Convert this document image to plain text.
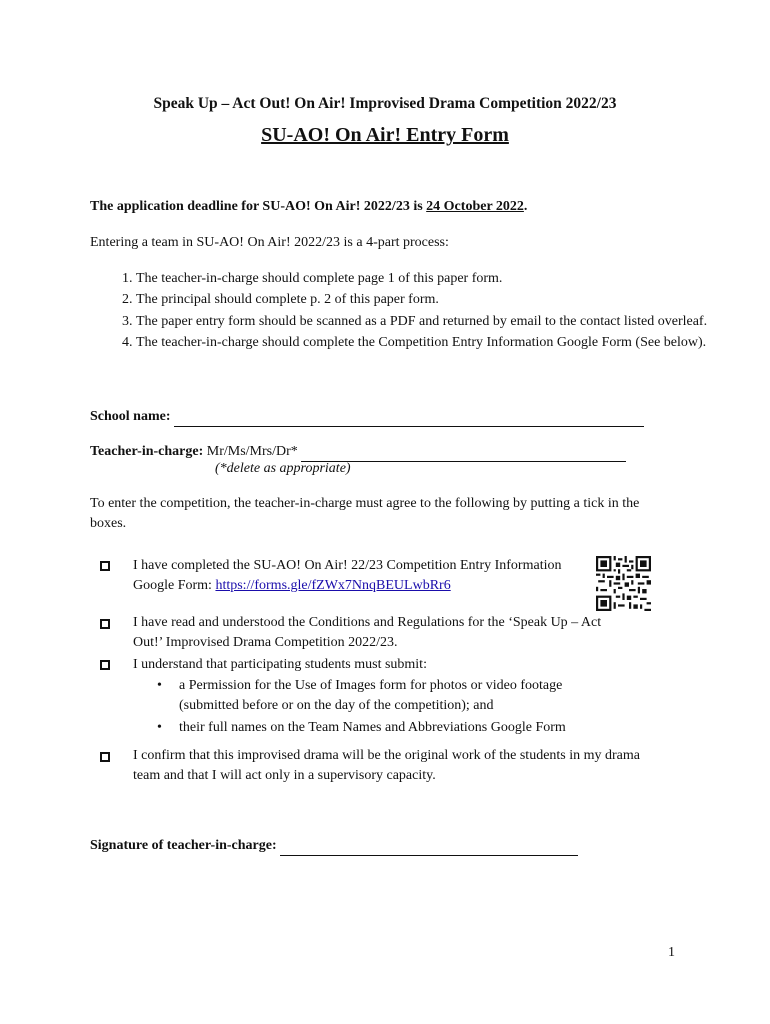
Speak Up – Act Out! On Air! Improvised Drama Competition 2022/23
SU-AO! On Air! Entry Form
The application deadline for SU-AO! On Air! 2022/23 is 24 October 2022.
Entering a team in SU-AO! On Air! 2022/23 is a 4-part process:
1. The teacher-in-charge should complete page 1 of this paper form.
2. The principal should complete p. 2 of this paper form.
3. The paper entry form should be scanned as a PDF and returned by email to the contact listed overleaf.
4. The teacher-in-charge should complete the Competition Entry Information Google Form (See below).
School name:
Teacher-in-charge: Mr/Ms/Mrs/Dr*
(*delete as appropriate)
To enter the competition, the teacher-in-charge must agree to the following by putting a tick in the boxes.
I have completed the SU-AO! On Air! 22/23 Competition Entry Information Google Form: https://forms.gle/fZWx7NnqBEULwbRr6
I have read and understood the Conditions and Regulations for the ‘Speak Up – Act Out!’ Improvised Drama Competition 2022/23.
I understand that participating students must submit:
• a Permission for the Use of Images form for photos or video footage (submitted before or on the day of the competition); and
• their full names on the Team Names and Abbreviations Google Form
I confirm that this improvised drama will be the original work of the students in my drama team and that I will act only in a supervisory capacity.
Signature of teacher-in-charge:
1
